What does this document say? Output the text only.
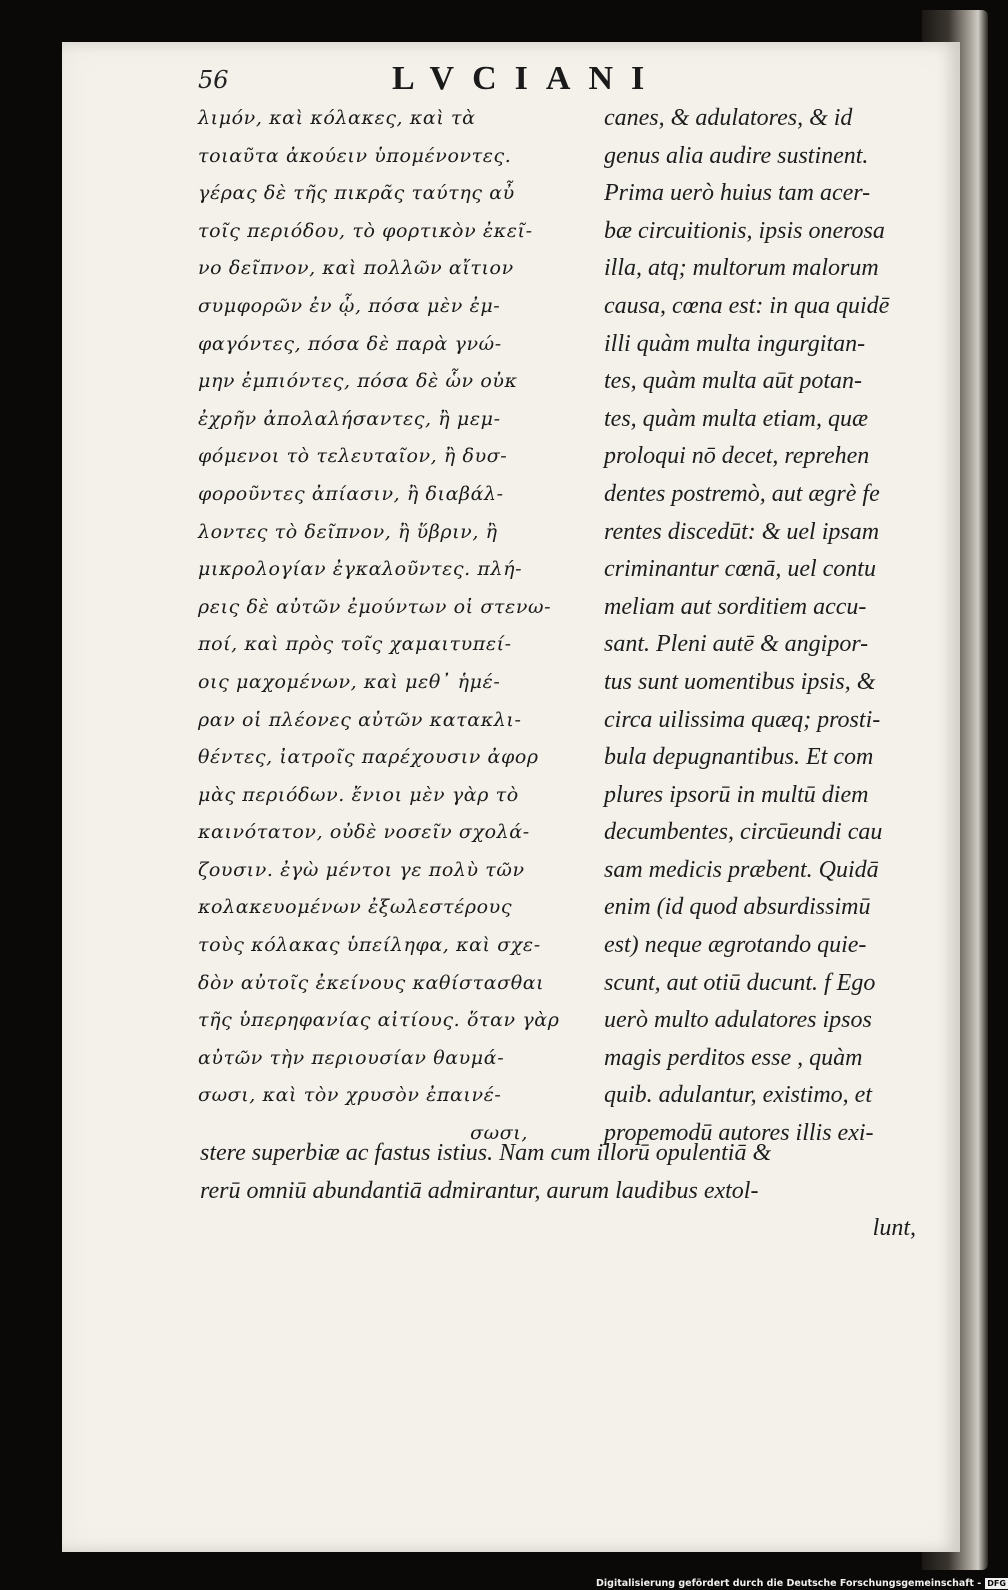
56	LVCIANI
λιμόν, καὶ κόλακες, καὶ τὰ
τοιαῦτα ἀκούειν ὑπομένοντες.
γέρας δὲ τῆς πικρᾶς ταύτης αὖ
τοῖς περιόδου, τὸ φορτικὸν ἐκεῖ-
νο δεῖπνον, καὶ πολλῶν αἴτιον
συμφορῶν ἐν ᾧ, πόσα μὲν ἐμ-
φαγόντες, πόσα δὲ παρὰ γνώ-
μην ἐμπιόντες, πόσα δὲ ὧν οὐκ
ἐχρῆν ἀπολαλήσαντες, ἢ μεμ-
φόμενοι τὸ τελευταῖον, ἢ δυσ-
φοροῦντες ἀπίασιν, ἢ διαβάλ-
λοντες τὸ δεῖπνον, ἢ ὕβριν, ἢ
μικρολογίαν ἐγκαλοῦντες. πλή-
ρεις δὲ αὐτῶν ἐμούντων οἱ στενω-
ποί, καὶ πρὸς τοῖς χαμαιτυπεί-
οις μαχομένων, καὶ μεθ᾽ ἡμέ-
ραν οἱ πλέονες αὐτῶν κατακλι-
θέντες, ἰατροῖς παρέχουσιν ἀφορ
μὰς περιόδων. ἔνιοι μὲν γὰρ τὸ
καινότατον, οὐδὲ νοσεῖν σχολά-
ζουσιν. ἐγὼ μέντοι γε πολὺ τῶν
κολακευομένων ἐξωλεστέρους
τοὺς κόλακας ὑπείληφα, καὶ σχε-
δὸν αὐτοῖς ἐκείνους καθίστασθαι
τῆς ὑπερηφανίας αἰτίους. ὅταν γὰρ
αὐτῶν τὴν περιουσίαν θαυμά-
σωσι, καὶ τὸν χρυσὸν ἐπαινέ-
σωσι,
canes, & adulatores, & id
genus alia audire sustinent.
Prima uerò huius tam acer-
bæ circuitionis, ipsis onerosa
illa, atq; multorum malorum
causa, cœna est: in qua quidē
illi quàm multa ingurgitan-
tes, quàm multa aūt potan-
tes, quàm multa etiam, quæ
proloqui nō decet, reprehen
dentes postremò, aut ægrè fe
rentes discedūt: & uel ipsam
criminantur cœnā, uel contu
meliam aut sorditiem accu-
sant. Pleni autē & angipor-
tus sunt uomentibus ipsis, &
circa uilissima quæq; prosti-
bula depugnantibus. Et com
plures ipsorū in multū diem
decumbentes, circūeundi cau
sam medicis præbent. Quidā
enim (id quod absurdissimū
est) neque ægrotando quie-
scunt, aut otiū ducunt. f Ego
uerò multo adulatores ipsos
magis perditos esse , quàm
quib. adulantur, existimo, et
propemodū autores illis exi-
stere superbiæ ac fastus istius. Nam cum illorū opulentiā &
rerū omniū abundantiā admirantur, aurum laudibus extol-
lunt,
Digitalisierung gefördert durch die Deutsche Forschungsgemeinschaft - DFG
